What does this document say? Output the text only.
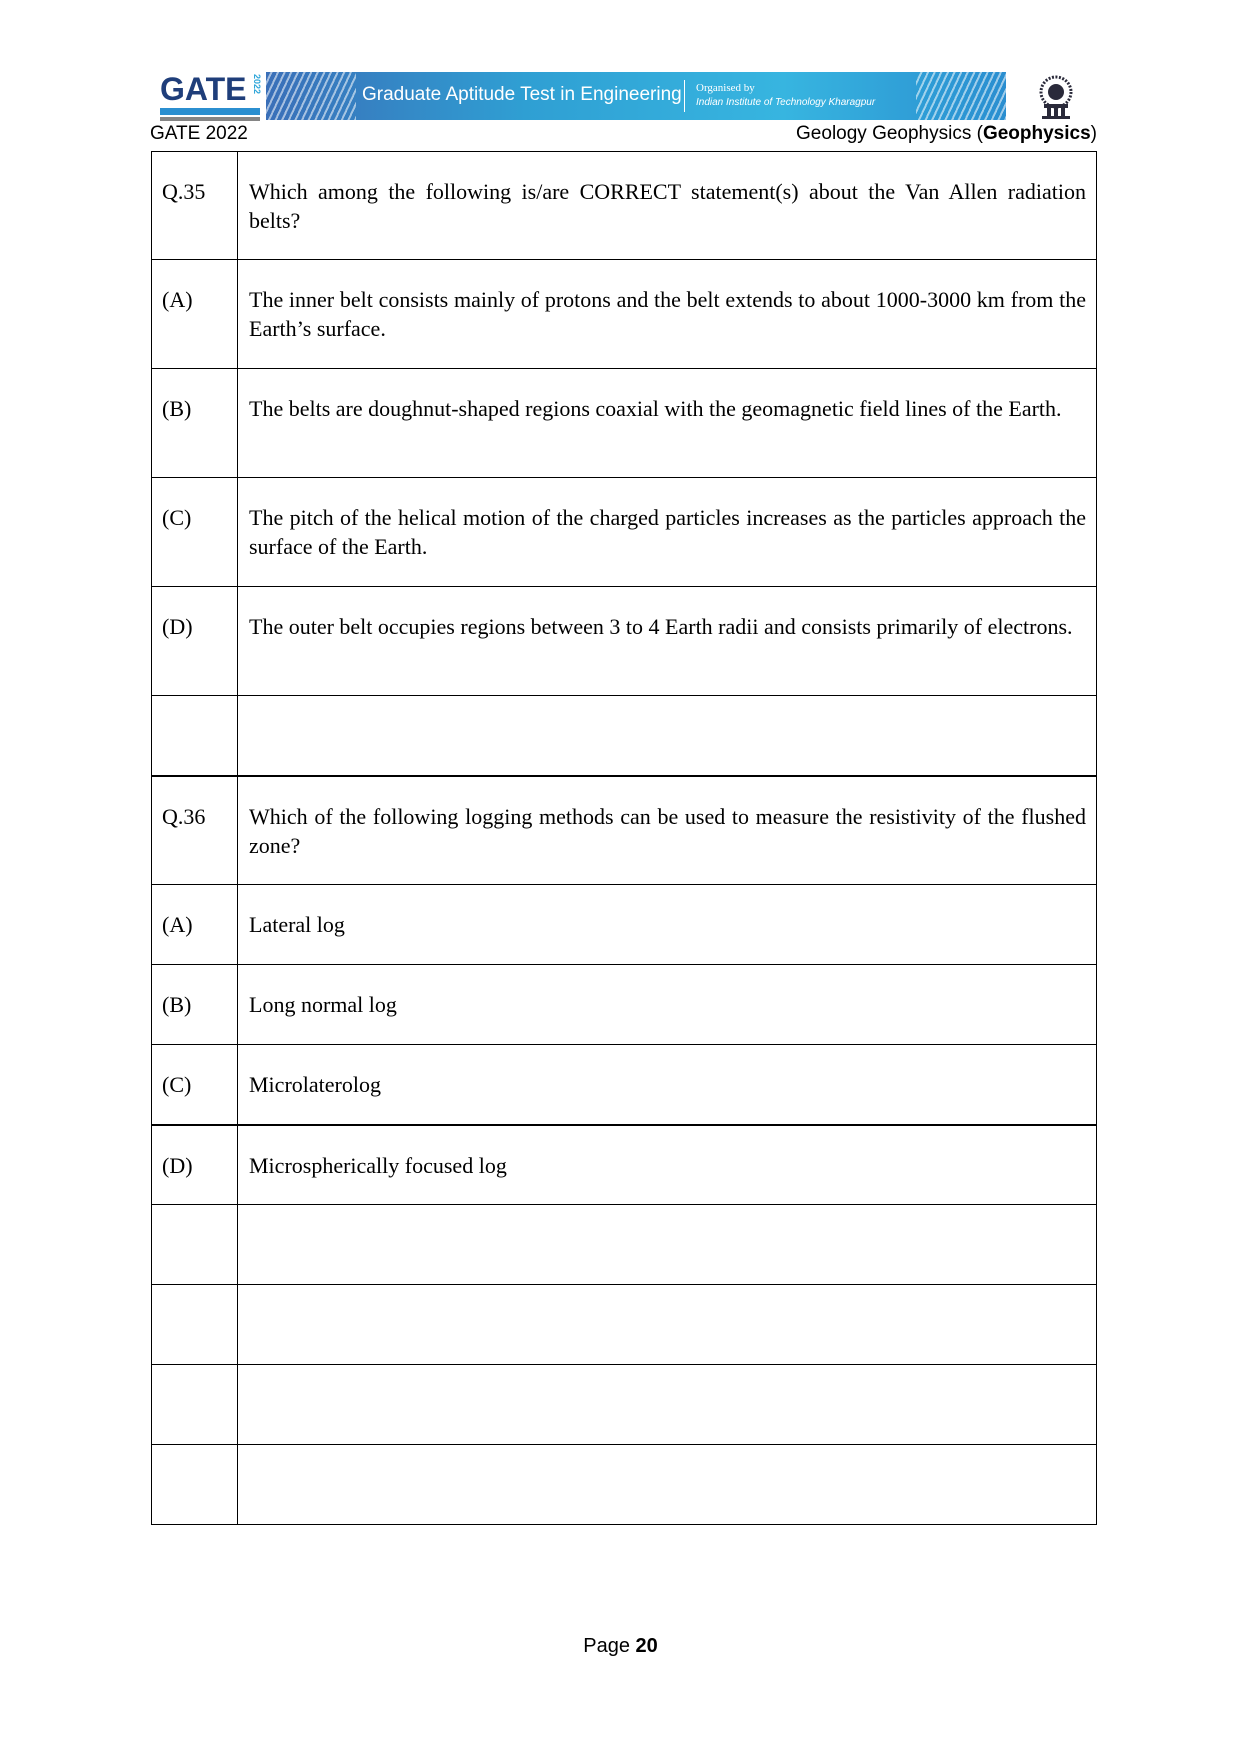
GATE 2022	Graduate Aptitude Test in Engineering Organised by
Indian Institute of Technology Kharagpur
GATE 2022	Geology Geophysics (Geophysics)
Q.35	Which among the following is/are CORRECT statement(s) about the Van Allen radiation belts?
(A)	The inner belt consists mainly of protons and the belt extends to about 1000-3000 km from the Earth’s surface.
(B)	The belts are doughnut-shaped regions coaxial with the geomagnetic field lines of the Earth.
(C)	The pitch of the helical motion of the charged particles increases as the particles approach the surface of the Earth.
(D)	The outer belt occupies regions between 3 to 4 Earth radii and consists primarily of electrons.

Q.36	Which of the following logging methods can be used to measure the resistivity of the flushed zone?
(A)	Lateral log
(B)	Long normal log
(C)	Microlaterolog
(D)	Microspherically focused log

Page 20
